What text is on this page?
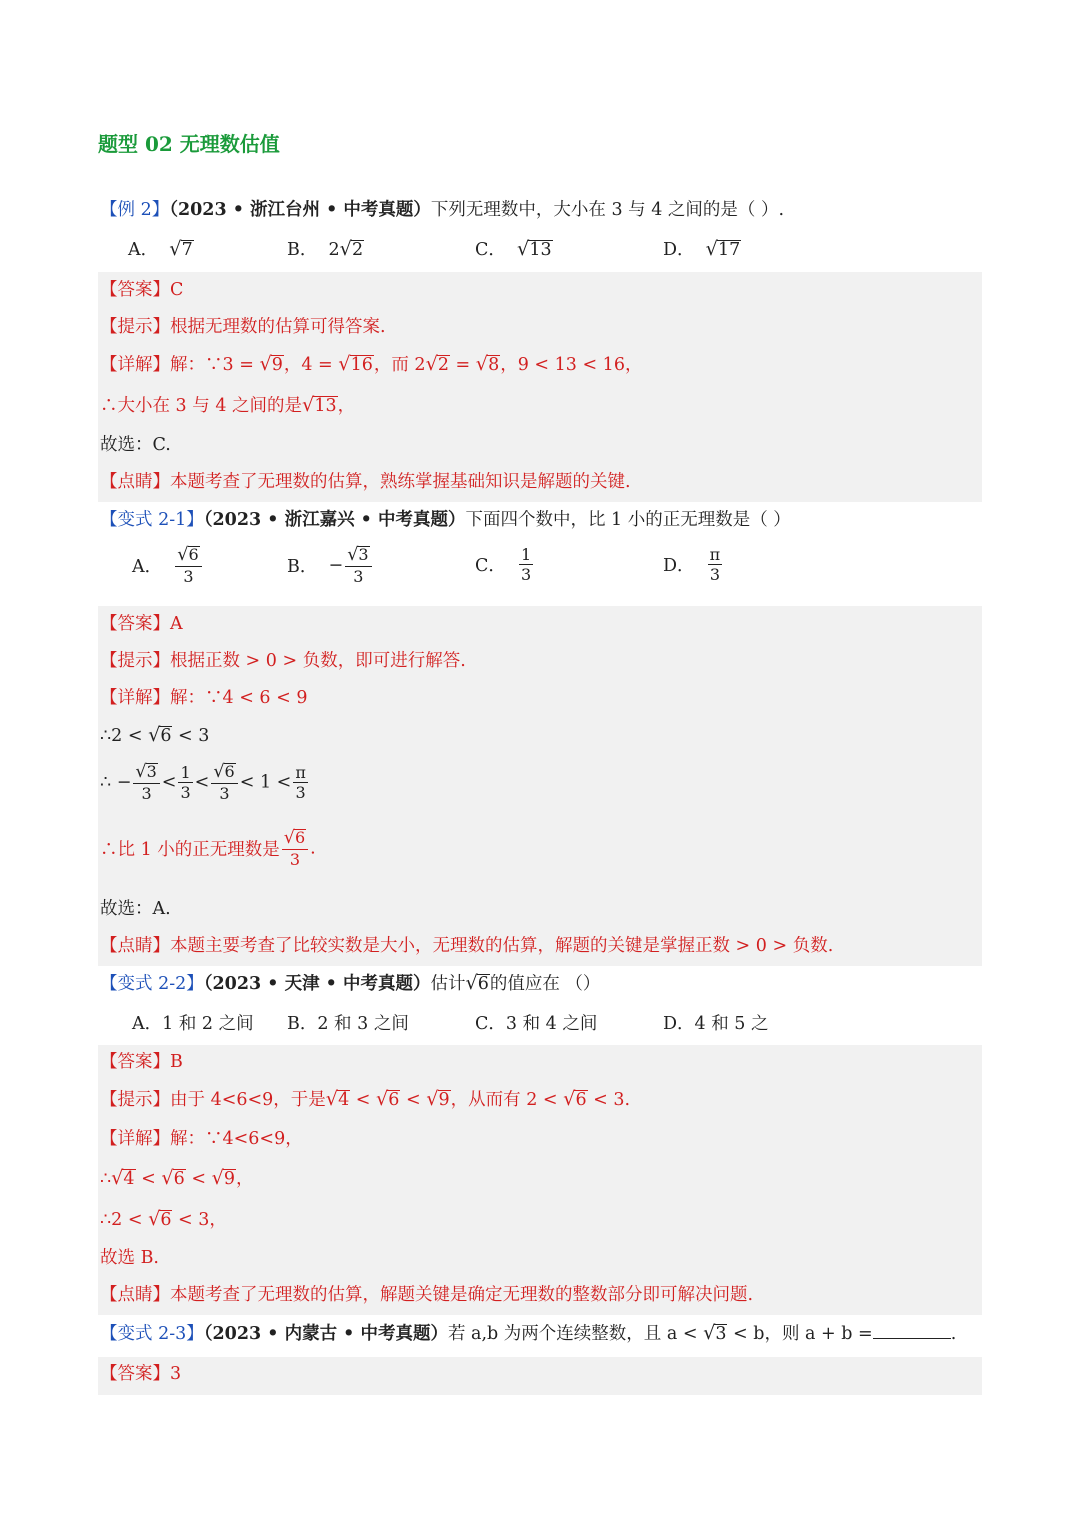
题型 02 无理数估值
【例 2】（2023 • 浙江台州 • 中考真题）下列无理数中，大小在 3 与 4 之间的是（ ）.
A． √7	B． 2√2	C． √13	D． √17
【答案】C
【提示】根据无理数的估算可得答案.
【详解】解：∵3 = √9，4 = √16，而 2√2 = √8，9 < 13 < 16，
∴大小在 3 与 4 之间的是√13，
故选：C.
【点睛】本题考查了无理数的估算，熟练掌握基础知识是解题的关键.
【变式 2-1】（2023 • 浙江嘉兴 • 中考真题）下面四个数中，比 1 小的正无理数是（ ）
A． $\frac{√6}{3}$	B． − $\frac{√3}{3}$	C． $\frac{1}{3}$	D． $\frac{\pi}{3}$
【答案】A
【提示】根据正数 > 0 > 负数，即可进行解答.
【详解】解：∵4 < 6 < 9
∴2 < √6 < 3
∴ − $\frac{√3}{3} < \frac{1}{3} < \frac{√6}{3} < 1 < \frac{\pi}{3}$
∴比 1 小的正无理数是 $\frac{√6}{3}$ .
故选：A.
【点睛】本题主要考查了比较实数是大小，无理数的估算，解题的关键是掌握正数 > 0 > 负数.
【变式 2-2】（2023 • 天津 • 中考真题）估计√6的值应在 （）
A．1 和 2 之间 B．2 和 3 之间	C．3 和 4 之间	D．4 和 5 之
【答案】B
【提示】由于 4<6<9，于是√4 < √6 < √9，从而有 2 < √6 < 3.
【详解】解：∵4<6<9，
∴√4 < √6 < √9，
∴2 < √6 < 3，
故选 B.
【点睛】本题考查了无理数的估算，解题关键是确定无理数的整数部分即可解决问题.
【变式 2-3】（2023 • 内蒙古 • 中考真题）若 a,b 为两个连续整数，且 a < √3 < b，则 a + b =	.
【答案】3
